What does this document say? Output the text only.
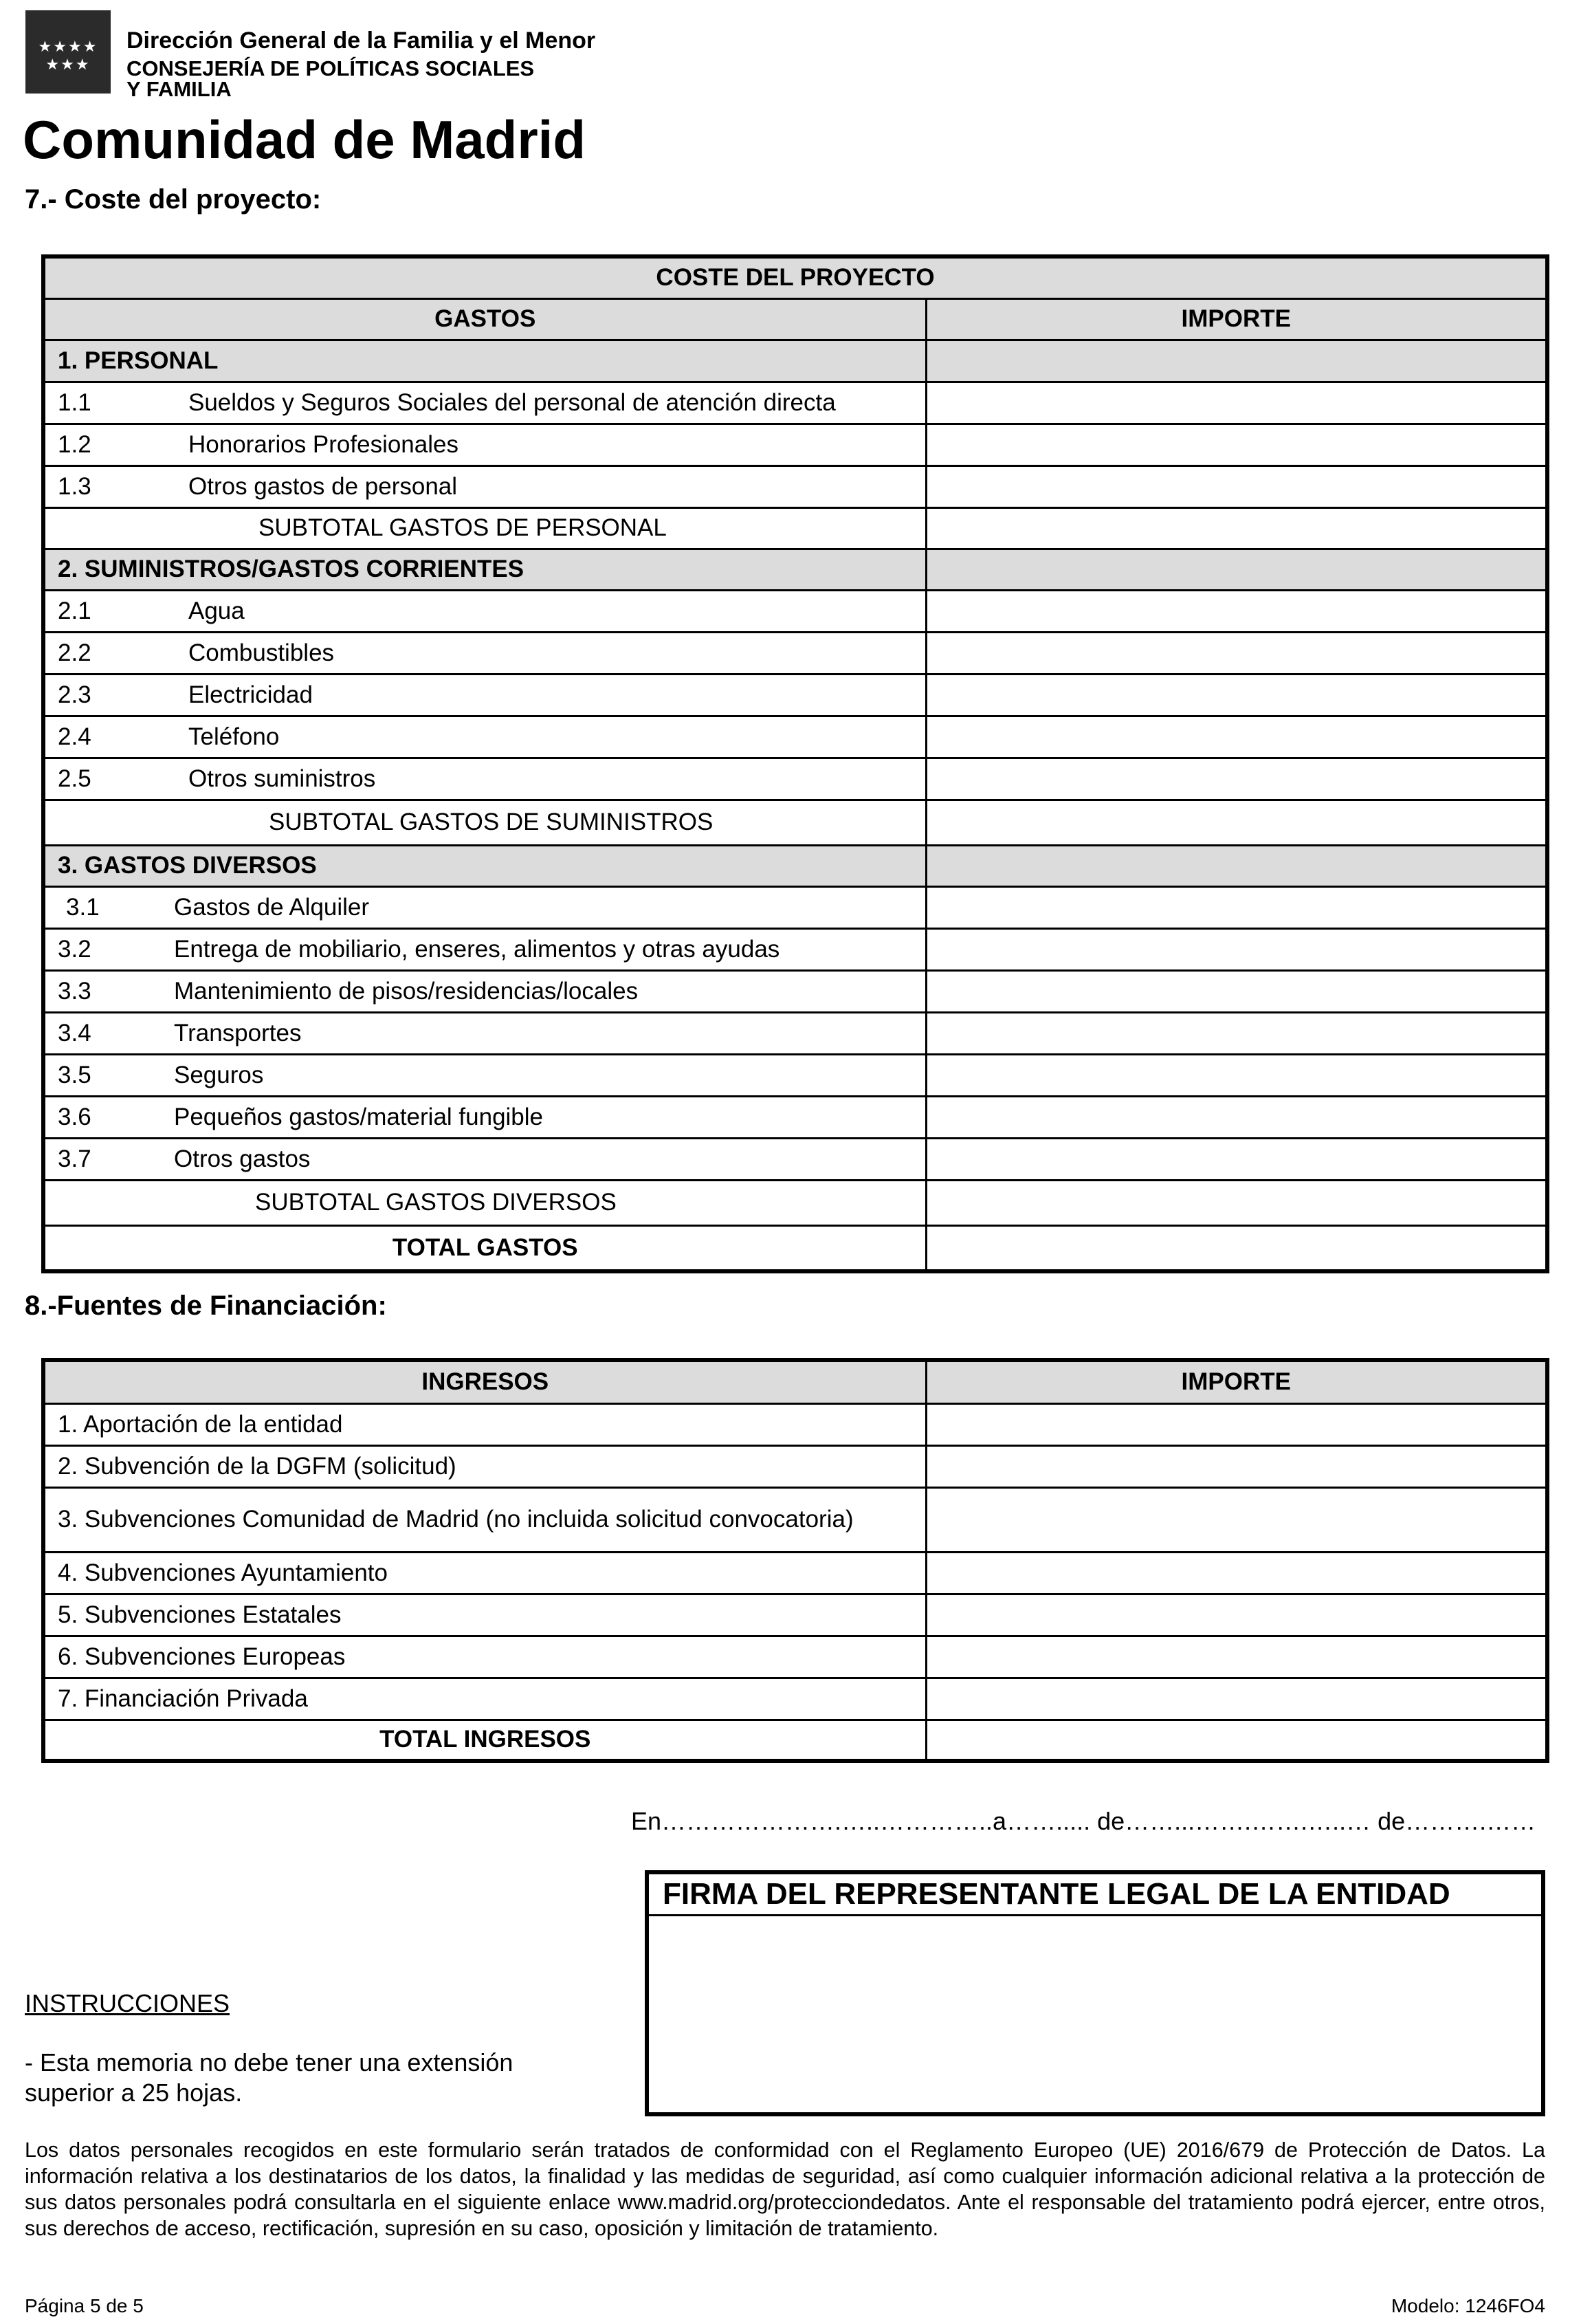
★★★★
★★★
Dirección General de la Familia y el Menor
CONSEJERÍA DE POLÍTICAS SOCIALES
Y FAMILIA
Comunidad de Madrid
7.- Coste del proyecto:
COSTE DEL PROYECTO	
GASTOS	IMPORTE
1. PERSONAL	
1.1 Sueldos y Seguros Sociales del personal de atención directa	
1.2 Honorarios Profesionales	
1.3 Otros gastos de personal	
SUBTOTAL GASTOS DE PERSONAL	
2. SUMINISTROS/GASTOS CORRIENTES	
2.1 Agua	
2.2 Combustibles	
2.3 Electricidad	
2.4 Teléfono	
2.5 Otros suministros	
SUBTOTAL GASTOS DE SUMINISTROS	
3. GASTOS DIVERSOS	
3.1 Gastos de Alquiler	
3.2 Entrega de mobiliario, enseres, alimentos y otras ayudas	
3.3 Mantenimiento de pisos/residencias/locales	
3.4 Transportes	
3.5 Seguros	
3.6 Pequeños gastos/material fungible	
3.7 Otros gastos	
SUBTOTAL GASTOS DIVERSOS	
TOTAL GASTOS	
8.-Fuentes de Financiación:
INGRESOS	IMPORTE
1. Aportación de la entidad	
2. Subvención de la DGFM (solicitud)	
3. Subvenciones Comunidad de Madrid (no incluida solicitud convocatoria)	
4. Subvenciones Ayuntamiento	
5. Subvenciones Estatales	
6. Subvenciones Europeas	
7. Financiación Privada	
TOTAL INGRESOS	
En………………….…..…………..a……..... de……...…….…….…..… de……….……
FIRMA DEL REPRESENTANTE LEGAL DE LA ENTIDAD
INSTRUCCIONES
- Esta memoria no debe tener una extensión superior a 25 hojas.
Los datos personales recogidos en este formulario serán tratados de conformidad con el Reglamento Europeo (UE) 2016/679 de Protección de Datos. La información relativa a los destinatarios de los datos, la finalidad y las medidas de seguridad, así como cualquier información adicional relativa a la protección de sus datos personales podrá consultarla en el siguiente enlace www.madrid.org/protecciondedatos. Ante el responsable del tratamiento podrá ejercer, entre otros, sus derechos de acceso, rectificación, supresión en su caso, oposición y limitación de tratamiento.
Página 5 de 5	Modelo: 1246FO4
